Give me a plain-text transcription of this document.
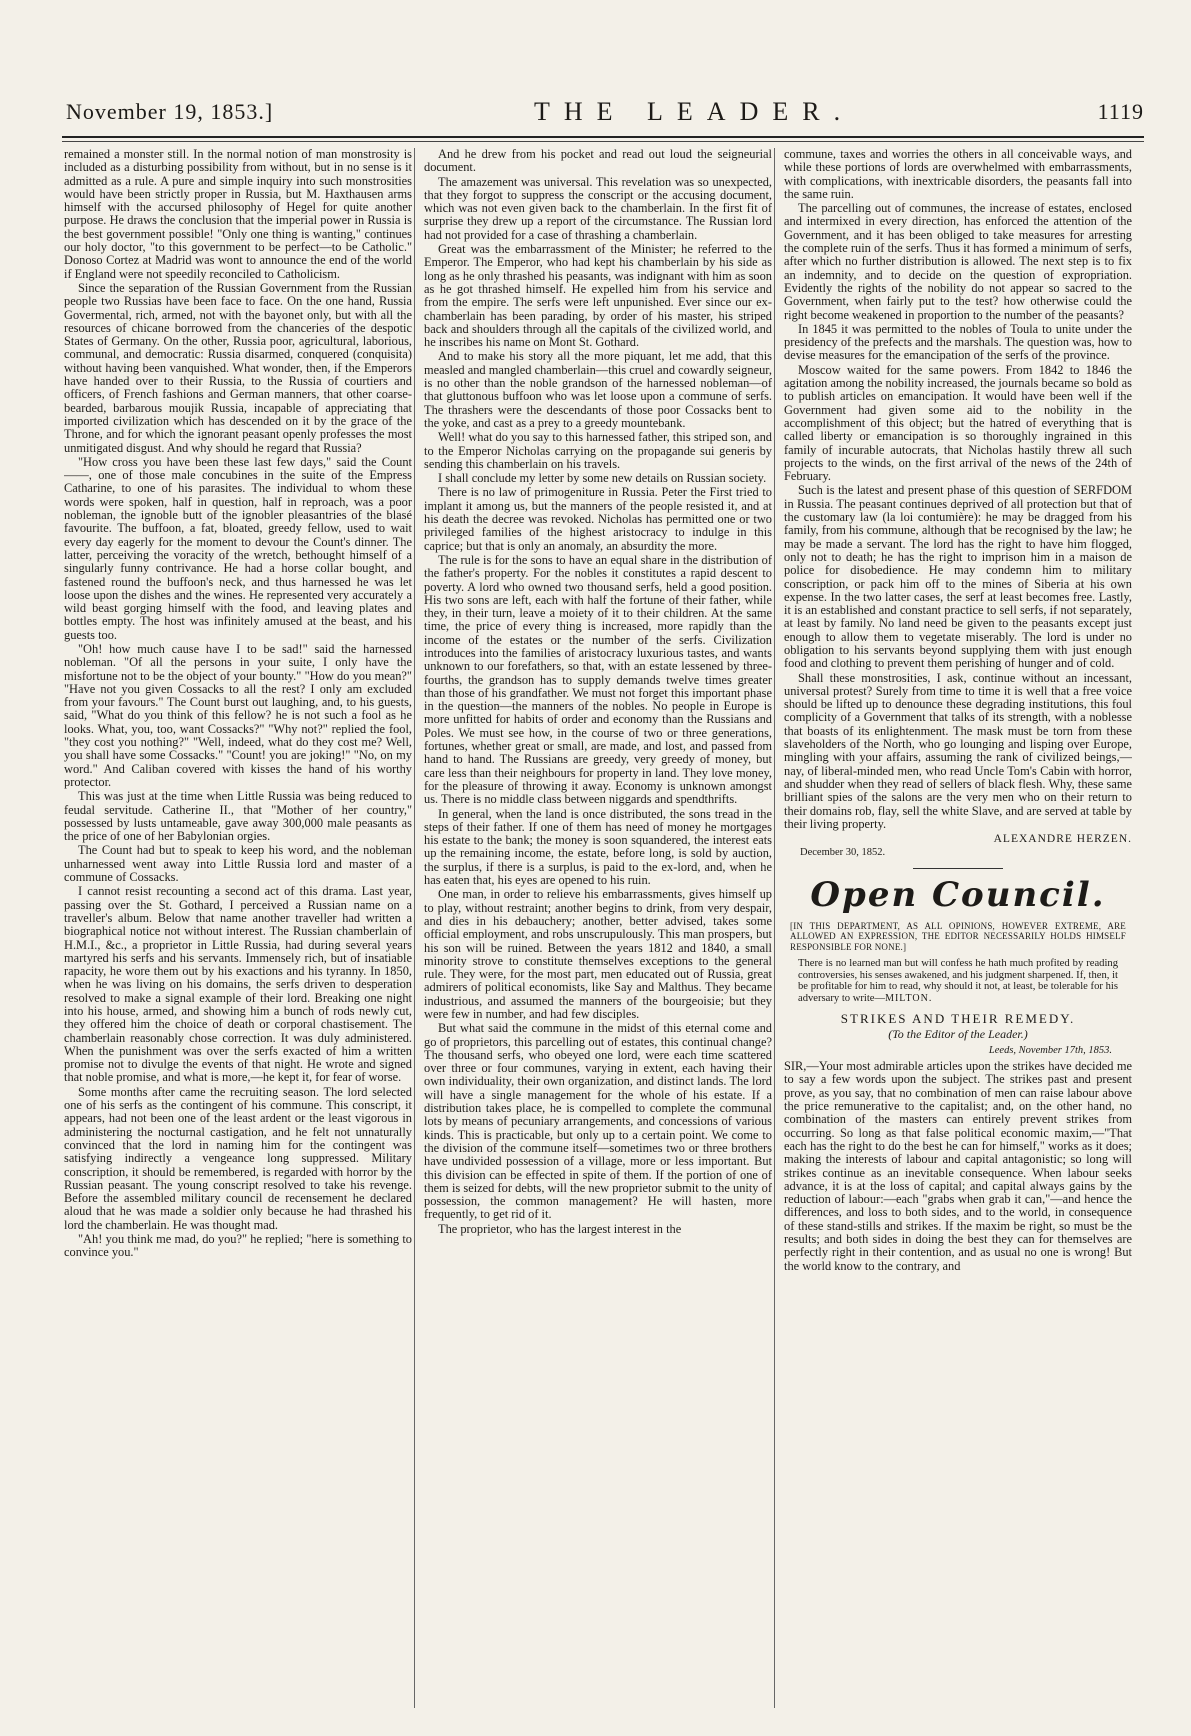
November 19, 1853.]	THE LEADER.	1119

remained a monster still. In the normal notion of man monstrosity is included as a disturbing possibility from without, but in no sense is it admitted as a rule. A pure and simple inquiry into such monstrosities would have been strictly proper in Russia, but M. Haxthausen arms himself with the accursed philosophy of Hegel for quite another purpose. He draws the conclusion that the imperial power in Russia is the best government possible! "Only one thing is wanting," continues our holy doctor, "to this government to be perfect—to be Catholic." Donoso Cortez at Madrid was wont to announce the end of the world if England were not speedily reconciled to Catholicism.

Since the separation of the Russian Government from the Russian people two Russias have been face to face. On the one hand, Russia Govermental, rich, armed, not with the bayonet only, but with all the resources of chicane borrowed from the chanceries of the despotic States of Germany. On the other, Russia poor, agricultural, laborious, communal, and democratic: Russia disarmed, conquered (conquisita) without having been vanquished. What wonder, then, if the Emperors have handed over to their Russia, to the Russia of courtiers and officers, of French fashions and German manners, that other coarse-bearded, barbarous moujik Russia, incapable of appreciating that imported civilization which has descended on it by the grace of the Throne, and for which the ignorant peasant openly professes the most unmitigated disgust. And why should he regard that Russia?

"How cross you have been these last few days," said the Count ——, one of those male concubines in the suite of the Empress Catharine, to one of his parasites. The individual to whom these words were spoken, half in question, half in reproach, was a poor nobleman, the ignoble butt of the ignobler pleasantries of the blasé favourite. The buffoon, a fat, bloated, greedy fellow, used to wait every day eagerly for the moment to devour the Count's dinner. The latter, perceiving the voracity of the wretch, bethought himself of a singularly funny contrivance. He had a horse collar bought, and fastened round the buffoon's neck, and thus harnessed he was let loose upon the dishes and the wines. He represented very accurately a wild beast gorging himself with the food, and leaving plates and bottles empty. The host was infinitely amused at the beast, and his guests too.

"Oh! how much cause have I to be sad!" said the harnessed nobleman. "Of all the persons in your suite, I only have the misfortune not to be the object of your bounty." "How do you mean?" "Have not you given Cossacks to all the rest? I only am excluded from your favours." The Count burst out laughing, and, to his guests, said, "What do you think of this fellow? he is not such a fool as he looks. What, you, too, want Cossacks?" "Why not?" replied the fool, "they cost you nothing?" "Well, indeed, what do they cost me? Well, you shall have some Cossacks." "Count! you are joking!" "No, on my word." And Caliban covered with kisses the hand of his worthy protector.

This was just at the time when Little Russia was being reduced to feudal servitude. Catherine II., that "Mother of her country," possessed by lusts untameable, gave away 300,000 male peasants as the price of one of her Babylonian orgies.

The Count had but to speak to keep his word, and the nobleman unharnessed went away into Little Russia lord and master of a commune of Cossacks.

I cannot resist recounting a second act of this drama. Last year, passing over the St. Gothard, I perceived a Russian name on a traveller's album. Below that name another traveller had written a biographical notice not without interest. The Russian chamberlain of H.M.I., &c., a proprietor in Little Russia, had during several years martyred his serfs and his servants. Immensely rich, but of insatiable rapacity, he wore them out by his exactions and his tyranny. In 1850, when he was living on his domains, the serfs driven to desperation resolved to make a signal example of their lord. Breaking one night into his house, armed, and showing him a bunch of rods newly cut, they offered him the choice of death or corporal chastisement. The chamberlain reasonably chose correction. It was duly administered. When the punishment was over the serfs exacted of him a written promise not to divulge the events of that night. He wrote and signed that noble promise, and what is more,—he kept it, for fear of worse.

Some months after came the recruiting season. The lord selected one of his serfs as the contingent of his commune. This conscript, it appears, had not been one of the least ardent or the least vigorous in administering the nocturnal castigation, and he felt not unnaturally convinced that the lord in naming him for the contingent was satisfying indirectly a vengeance long suppressed. Military conscription, it should be remembered, is regarded with horror by the Russian peasant. The young conscript resolved to take his revenge. Before the assembled military council de recensement he declared aloud that he was made a soldier only because he had thrashed his lord the chamberlain. He was thought mad.

"Ah! you think me mad, do you?" he replied; "here is something to convince you."

And he drew from his pocket and read out loud the seigneurial document.

The amazement was universal. This revelation was so unexpected, that they forgot to suppress the conscript or the accusing document, which was not even given back to the chamberlain. In the first fit of surprise they drew up a report of the circumstance. The Russian lord had not provided for a case of thrashing a chamberlain.

Great was the embarrassment of the Minister; he referred to the Emperor. The Emperor, who had kept his chamberlain by his side as long as he only thrashed his peasants, was indignant with him as soon as he got thrashed himself. He expelled him from his service and from the empire. The serfs were left unpunished. Ever since our ex-chamberlain has been parading, by order of his master, his striped back and shoulders through all the capitals of the civilized world, and he inscribes his name on Mont St. Gothard.

And to make his story all the more piquant, let me add, that this measled and mangled chamberlain—this cruel and cowardly seigneur, is no other than the noble grandson of the harnessed nobleman—of that gluttonous buffoon who was let loose upon a commune of serfs. The thrashers were the descendants of those poor Cossacks bent to the yoke, and cast as a prey to a greedy mountebank.

Well! what do you say to this harnessed father, this striped son, and to the Emperor Nicholas carrying on the propagande sui generis by sending this chamberlain on his travels.

I shall conclude my letter by some new details on Russian society.

There is no law of primogeniture in Russia. Peter the First tried to implant it among us, but the manners of the people resisted it, and at his death the decree was revoked. Nicholas has permitted one or two privileged families of the highest aristocracy to indulge in this caprice; but that is only an anomaly, an absurdity the more.

The rule is for the sons to have an equal share in the distribution of the father's property. For the nobles it constitutes a rapid descent to poverty. A lord who owned two thousand serfs, held a good position. His two sons are left, each with half the fortune of their father, while they, in their turn, leave a moiety of it to their children. At the same time, the price of every thing is increased, more rapidly than the income of the estates or the number of the serfs. Civilization introduces into the families of aristocracy luxurious tastes, and wants unknown to our forefathers, so that, with an estate lessened by three-fourths, the grandson has to supply demands twelve times greater than those of his grandfather. We must not forget this important phase in the question—the manners of the nobles. No people in Europe is more unfitted for habits of order and economy than the Russians and Poles. We must see how, in the course of two or three generations, fortunes, whether great or small, are made, and lost, and passed from hand to hand. The Russians are greedy, very greedy of money, but care less than their neighbours for property in land. They love money, for the pleasure of throwing it away. Economy is unknown amongst us. There is no middle class between niggards and spendthrifts.

In general, when the land is once distributed, the sons tread in the steps of their father. If one of them has need of money he mortgages his estate to the bank; the money is soon squandered, the interest eats up the remaining income, the estate, before long, is sold by auction, the surplus, if there is a surplus, is paid to the ex-lord, and, when he has eaten that, his eyes are opened to his ruin.

One man, in order to relieve his embarrassments, gives himself up to play, without restraint; another begins to drink, from very despair, and dies in his debauchery; another, better advised, takes some official employment, and robs unscrupulously. This man prospers, but his son will be ruined. Between the years 1812 and 1840, a small minority strove to constitute themselves exceptions to the general rule. They were, for the most part, men educated out of Russia, great admirers of political economists, like Say and Malthus. They became industrious, and assumed the manners of the bourgeoisie; but they were few in number, and had few disciples.

But what said the commune in the midst of this eternal come and go of proprietors, this parcelling out of estates, this continual change? The thousand serfs, who obeyed one lord, were each time scattered over three or four communes, varying in extent, each having their own individuality, their own organization, and distinct lands. The lord will have a single management for the whole of his estate. If a distribution takes place, he is compelled to complete the communal lots by means of pecuniary arrangements, and concessions of various kinds. This is practicable, but only up to a certain point. We come to the division of the commune itself—sometimes two or three brothers have undivided possession of a village, more or less important. But this division can be effected in spite of them. If the portion of one of them is seized for debts, will the new proprietor submit to the unity of possession, the common management? He will hasten, more frequently, to get rid of it.

The proprietor, who has the largest interest in the

commune, taxes and worries the others in all conceivable ways, and while these portions of lords are overwhelmed with embarrassments, with complications, with inextricable disorders, the peasants fall into the same ruin.

The parcelling out of communes, the increase of estates, enclosed and intermixed in every direction, has enforced the attention of the Government, and it has been obliged to take measures for arresting the complete ruin of the serfs. Thus it has formed a minimum of serfs, after which no further distribution is allowed. The next step is to fix an indemnity, and to decide on the question of expropriation. Evidently the rights of the nobility do not appear so sacred to the Government, when fairly put to the test? how otherwise could the right become weakened in proportion to the number of the peasants?

In 1845 it was permitted to the nobles of Toula to unite under the presidency of the prefects and the marshals. The question was, how to devise measures for the emancipation of the serfs of the province.

Moscow waited for the same powers. From 1842 to 1846 the agitation among the nobility increased, the journals became so bold as to publish articles on emancipation. It would have been well if the Government had given some aid to the nobility in the accomplishment of this object; but the hatred of everything that is called liberty or emancipation is so thoroughly ingrained in this family of incurable autocrats, that Nicholas hastily threw all such projects to the winds, on the first arrival of the news of the 24th of February.

Such is the latest and present phase of this question of SERFDOM in Russia. The peasant continues deprived of all protection but that of the customary law (la loi contumière): he may be dragged from his family, from his commune, although that be recognised by the law; he may be made a servant. The lord has the right to have him flogged, only not to death; he has the right to imprison him in a maison de police for disobedience. He may condemn him to military conscription, or pack him off to the mines of Siberia at his own expense. In the two latter cases, the serf at least becomes free. Lastly, it is an established and constant practice to sell serfs, if not separately, at least by family. No land need be given to the peasants except just enough to allow them to vegetate miserably. The lord is under no obligation to his servants beyond supplying them with just enough food and clothing to prevent them perishing of hunger and of cold.

Shall these monstrosities, I ask, continue without an incessant, universal protest? Surely from time to time it is well that a free voice should be lifted up to denounce these degrading institutions, this foul complicity of a Government that talks of its strength, with a noblesse that boasts of its enlightenment. The mask must be torn from these slaveholders of the North, who go lounging and lisping over Europe, mingling with your affairs, assuming the rank of civilized beings,—nay, of liberal-minded men, who read Uncle Tom's Cabin with horror, and shudder when they read of sellers of black flesh. Why, these same brilliant spies of the salons are the very men who on their return to their domains rob, flay, sell the white Slave, and are served at table by their living property.

ALEXANDRE HERZEN.
December 30, 1852.
Open Council.
[IN THIS DEPARTMENT, AS ALL OPINIONS, HOWEVER EXTREME, ARE ALLOWED AN EXPRESSION, THE EDITOR NECESSARILY HOLDS HIMSELF RESPONSIBLE FOR NONE.]
There is no learned man but will confess he hath much profited by reading controversies, his senses awakened, and his judgment sharpened. If, then, it be profitable for him to read, why should it not, at least, be tolerable for his adversary to write—MILTON.
STRIKES AND THEIR REMEDY.
(To the Editor of the Leader.)
Leeds, November 17th, 1853.

SIR,—Your most admirable articles upon the strikes have decided me to say a few words upon the subject. The strikes past and present prove, as you say, that no combination of men can raise labour above the price remunerative to the capitalist; and, on the other hand, no combination of the masters can entirely prevent strikes from occurring. So long as that false political economic maxim,—"That each has the right to do the best he can for himself," works as it does; making the interests of labour and capital antagonistic; so long will strikes continue as an inevitable consequence. When labour seeks advance, it is at the loss of capital; and capital always gains by the reduction of labour:—each "grabs when grab it can,"—and hence the differences, and loss to both sides, and to the world, in consequence of these stand-stills and strikes. If the maxim be right, so must be the results; and both sides in doing the best they can for themselves are perfectly right in their contention, and as usual no one is wrong! But the world know to the contrary, and
